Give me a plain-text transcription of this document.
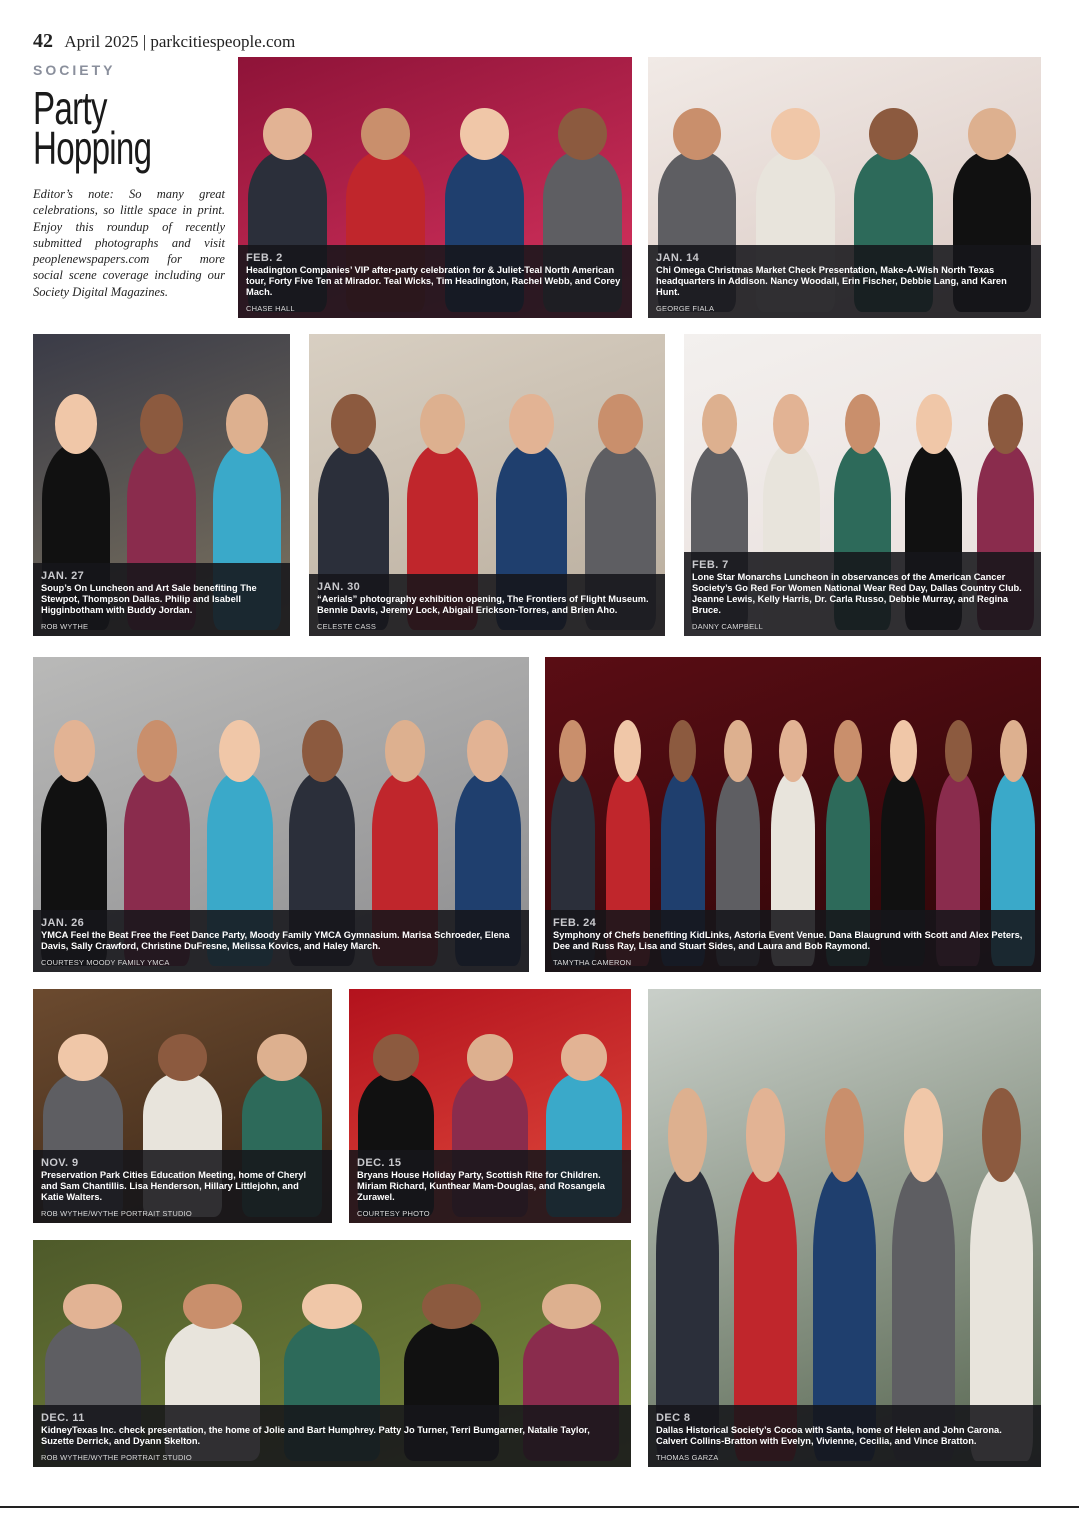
42 April 2025 | parkcitiespeople.com
SOCIETY
Party
Hopping
Editor’s note: So many great celebrations, so little space in print. Enjoy this roundup of recently submitted photographs and visit peoplenewspapers.com for more social scene coverage including our Society Digital Magazines.
FEB. 2
Headington Companies’ VIP after-party celebration for & Juliet-Teal North American tour, Forty Five Ten at Mirador. Teal Wicks, Tim Headington, Rachel Webb, and Corey Mach.
CHASE HALL
JAN. 14
Chi Omega Christmas Market Check Presentation, Make-A-Wish North Texas headquarters in Addison. Nancy Woodall, Erin Fischer, Debbie Lang, and Karen Hunt.
GEORGE FIALA
JAN. 27
Soup’s On Luncheon and Art Sale benefiting The Stewpot, Thompson Dallas. Philip and Isabell Higginbotham with Buddy Jordan.
ROB WYTHE
JAN. 30
“Aerials” photography exhibition opening, The Frontiers of Flight Museum. Bennie Davis, Jeremy Lock, Abigail Erickson-Torres, and Brien Aho.
CELESTE CASS
FEB. 7
Lone Star Monarchs Luncheon in observances of the American Cancer Society’s Go Red For Women National Wear Red Day, Dallas Country Club. Jeanne Lewis, Kelly Harris, Dr. Carla Russo, Debbie Murray, and Regina Bruce.
DANNY CAMPBELL
JAN. 26
YMCA Feel the Beat Free the Feet Dance Party, Moody Family YMCA Gymnasium. Marisa Schroeder, Elena Davis, Sally Crawford, Christine DuFresne, Melissa Kovics, and Haley March.
COURTESY MOODY FAMILY YMCA
FEB. 24
Symphony of Chefs benefiting KidLinks, Astoria Event Venue. Dana Blaugrund with Scott and Alex Peters, Dee and Russ Ray, Lisa and Stuart Sides, and Laura and Bob Raymond.
TAMYTHA CAMERON
NOV. 9
Preservation Park Cities Education Meeting, home of Cheryl and Sam Chantillis. Lisa Henderson, Hillary Littlejohn, and Katie Walters.
ROB WYTHE/WYTHE PORTRAIT STUDIO
DEC. 15
Bryans House Holiday Party, Scottish Rite for Children. Miriam Richard, Kunthear Mam-Douglas, and Rosangela Zurawel.
COURTESY PHOTO
DEC 8
Dallas Historical Society’s Cocoa with Santa, home of Helen and John Carona. Calvert Collins-Bratton with Evelyn, Vivienne, Cecilia, and Vince Bratton.
THOMAS GARZA
DEC. 11
KidneyTexas Inc. check presentation, the home of Jolie and Bart Humphrey. Patty Jo Turner, Terri Bumgarner, Natalie Taylor, Suzette Derrick, and Dyann Skelton.
ROB WYTHE/WYTHE PORTRAIT STUDIO
